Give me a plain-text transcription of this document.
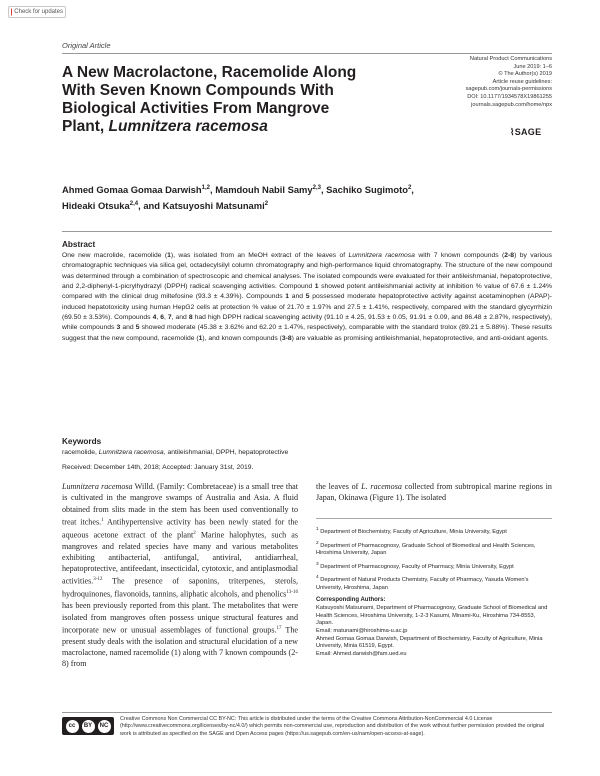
Check for updates
Original Article
A New Macrolactone, Racemolide Along
With Seven Known Compounds With
Biological Activities From Mangrove
Plant, Lumnitzera racemosa
Natural Product Communications
June 2019: 1–6
© The Author(s) 2019
Article reuse guidelines:
sagepub.com/journals-permissions
DOI: 10.1177/1934578X19861255
journals.sagepub.com/home/npx
⌇SAGE
Ahmed Gomaa Gomaa Darwish$^{1,2}$, Mamdouh Nabil Samy$^{2,3}$, Sachiko Sugimoto$^2$,
Hideaki Otsuka$^{2,4}$, and Katsuyoshi Matsunami$^2$
Abstract
One new macrolide, racemolide (1), was isolated from an MeOH extract of the leaves of Lumnitzera racemosa with 7 known compounds (2-8) by various chromatographic techniques via silica gel, octadecylsilyl column chromatography and high-performance liquid chromatography. The structure of the new compound was determined through a combination of spectroscopic and chemical analyses. The isolated compounds were evaluated for their antileishmanial, hepatoprotective, and 2,2-diphenyl-1-picrylhydrazyl (DPPH) radical scavenging activities. Compound 1 showed potent antileishmanial activity at inhibition % value of 67.6 ± 1.24% compared with the clinical drug miltefosine (93.3 ± 4.39%). Compounds 1 and 5 possessed moderate hepatoprotective activity against acetaminophen (APAP)-induced hepatotoxicity using human HepG2 cells at protection % value of 21.70 ± 1.97% and 27.5 ± 1.41%, respectively, compared with the standard glycyrrhizin (69.50 ± 3.53%). Compounds 4, 6, 7, and 8 had high DPPH radical scavenging activity (91.10 ± 4.25, 91.53 ± 0.05, 91.91 ± 0.09, and 86.48 ± 2.87%, respectively), while compounds 3 and 5 showed moderate (45.38 ± 3.62% and 62.20 ± 1.47%, respectively), comparable with the standard trolox (89.21 ± 5.88%). These results suggest that the new compound, racemolide (1), and known compounds (3-8) are valuable as promising antileishmanial, hepatoprotective, and anti-oxidant agents.
Keywords
racemolide, Lumnitzera racemosa, antileishmanial, DPPH, hepatoprotective
Received: December 14th, 2018; Accepted: January 31st, 2019.
Lumnitzera racemosa Willd. (Family: Combretaceae) is a small tree that is cultivated in the mangrove swamps of Australia and Asia. A fluid obtained from slits made in the stem has been used conventionally to treat itches.$^1$ Antihypertensive activity has been newly stated for the aqueous acetone extract of the plant$^2$ Marine halophytes, such as mangroves and related species have many and various metabolites exhibiting antibacterial, antifungal, antiviral, antidiarrheal, hepatoprotective, antifeedant, insecticidal, cytotoxic, and antiplasmodial activities.$^{3-12}$ The presence of saponins, triterpenes, sterols, hydroquinones, flavonoids, tannins, aliphatic alcohols, and phenolics$^{13-16}$ has been previously reported from this plant. The metabolites that were isolated from mangroves often possess unique structural features and incorporate new or unusual assemblages of functional groups.$^{17}$ The present study deals with the isolation and structural elucidation of a new macrolactone, named racemolide (1) along with 7 known compounds (2-8) from
the leaves of L. racemosa collected from subtropical marine regions in Japan, Okinawa (Figure 1). The isolated
$^1$ Department of Biochemistry, Faculty of Agriculture, Minia University, Egypt
$^2$ Department of Pharmacognosy, Graduate School of Biomedical and Health Sciences, Hiroshima University, Japan
$^3$ Department of Pharmacognosy, Faculty of Pharmacy, Minia University, Egypt
$^4$ Department of Natural Products Chemistry, Faculty of Pharmacy, Yasuda Women's University, Hiroshima, Japan
Corresponding Authors:
Katsuyoshi Matsunami, Department of Pharmacognosy, Graduate School of Biomedical and Health Sciences, Hiroshima University, 1-2-3 Kasumi, Minami-Ku, Hiroshima 734-8553, Japan.
Email: matunami@hiroshima-u.ac.jp
Ahmed Gomaa Gomaa Darwish, Department of Biochemistry, Faculty of Agriculture, Minia University, Minia 61519, Egypt.
Email: Ahmed.darwish@fam.ued.eu
cc	BY	NC
Creative Commons Non Commercial CC BY-NC: This article is distributed under the terms of the Creative Commons Attribution-NonCommercial 4.0 License (http://www.creativecommons.org/licenses/by-nc/4.0/) which permits non-commercial use, reproduction and distribution of the work without further permission provided the original work is attributed as specified on the SAGE and Open Access pages (https://us.sagepub.com/en-us/nam/open-access-at-sage).
